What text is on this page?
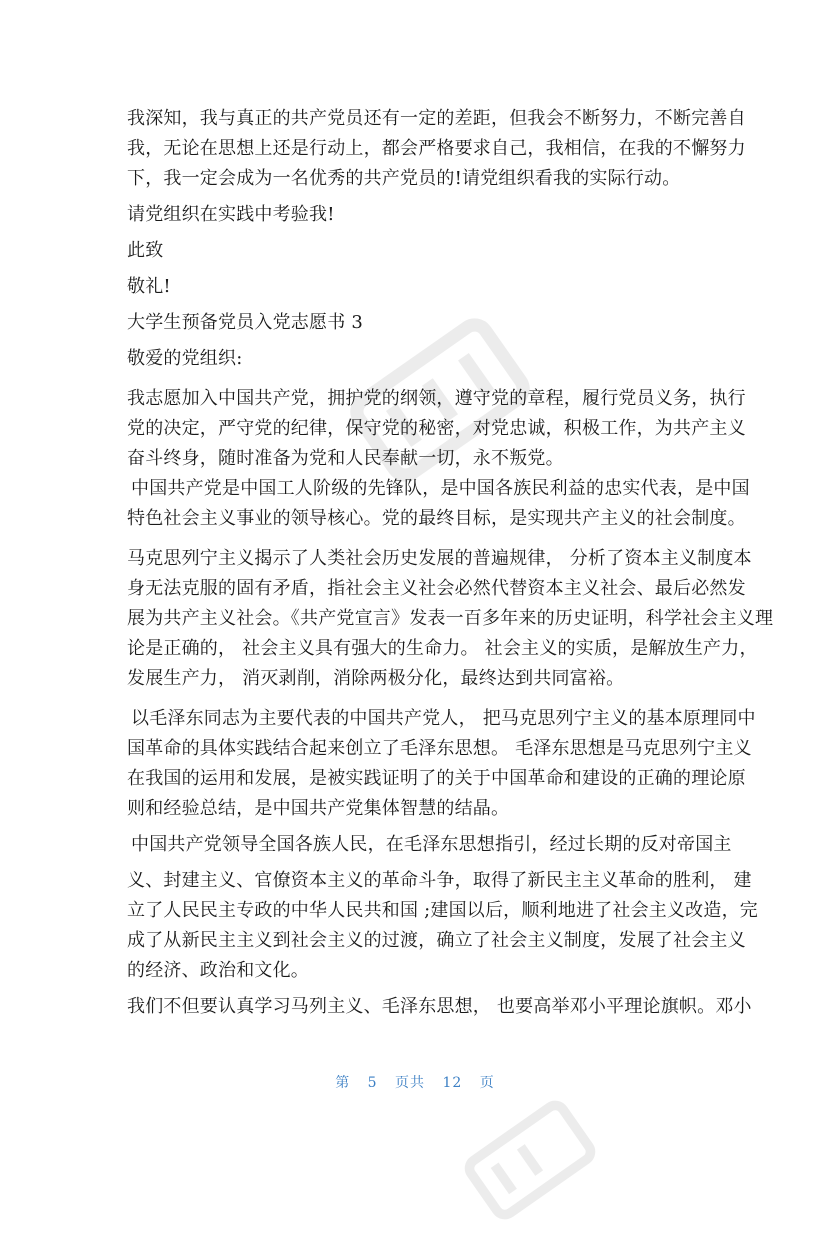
我深知，我与真正的共产党员还有一定的差距，但我会不断努力，不断完善自
我，无论在思想上还是行动上，都会严格要求自己，我相信，在我的不懈努力
下，我一定会成为一名优秀的共产党员的!请党组织看我的实际行动。
请党组织在实践中考验我!
此致
敬礼!
大学生预备党员入党志愿书 3
敬爱的党组织:
我志愿加入中国共产党，拥护党的纲领，遵守党的章程，履行党员义务，执行
党的决定，严守党的纪律，保守党的秘密，对党忠诚，积极工作，为共产主义
奋斗终身，随时准备为党和人民奉献一切，永不叛党。
中国共产党是中国工人阶级的先锋队，是中国各族民利益的忠实代表，是中国
特色社会主义事业的领导核心。党的最终目标，是实现共产主义的社会制度。
马克思列宁主义揭示了人类社会历史发展的普遍规律， 分析了资本主义制度本
身无法克服的固有矛盾，指社会主义社会必然代替资本主义社会、最后必然发
展为共产主义社会。《共产党宣言》发表一百多年来的历史证明，科学社会主义理
论是正确的， 社会主义具有强大的生命力。 社会主义的实质，是解放生产力，
发展生产力， 消灭剥削，消除两极分化，最终达到共同富裕。
以毛泽东同志为主要代表的中国共产党人， 把马克思列宁主义的基本原理同中
国革命的具体实践结合起来创立了毛泽东思想。 毛泽东思想是马克思列宁主义
在我国的运用和发展，是被实践证明了的关于中国革命和建设的正确的理论原
则和经验总结，是中国共产党集体智慧的结晶。
中国共产党领导全国各族人民，在毛泽东思想指引，经过长期的反对帝国主
义、封建主义、官僚资本主义的革命斗争，取得了新民主主义革命的胜利， 建
立了人民民主专政的中华人民共和国 ;建国以后，顺利地进了社会主义改造，完
成了从新民主主义到社会主义的过渡，确立了社会主义制度，发展了社会主义
的经济、政治和文化。
我们不但要认真学习马列主义、毛泽东思想， 也要高举邓小平理论旗帜。邓小
第 5 页共 12 页
